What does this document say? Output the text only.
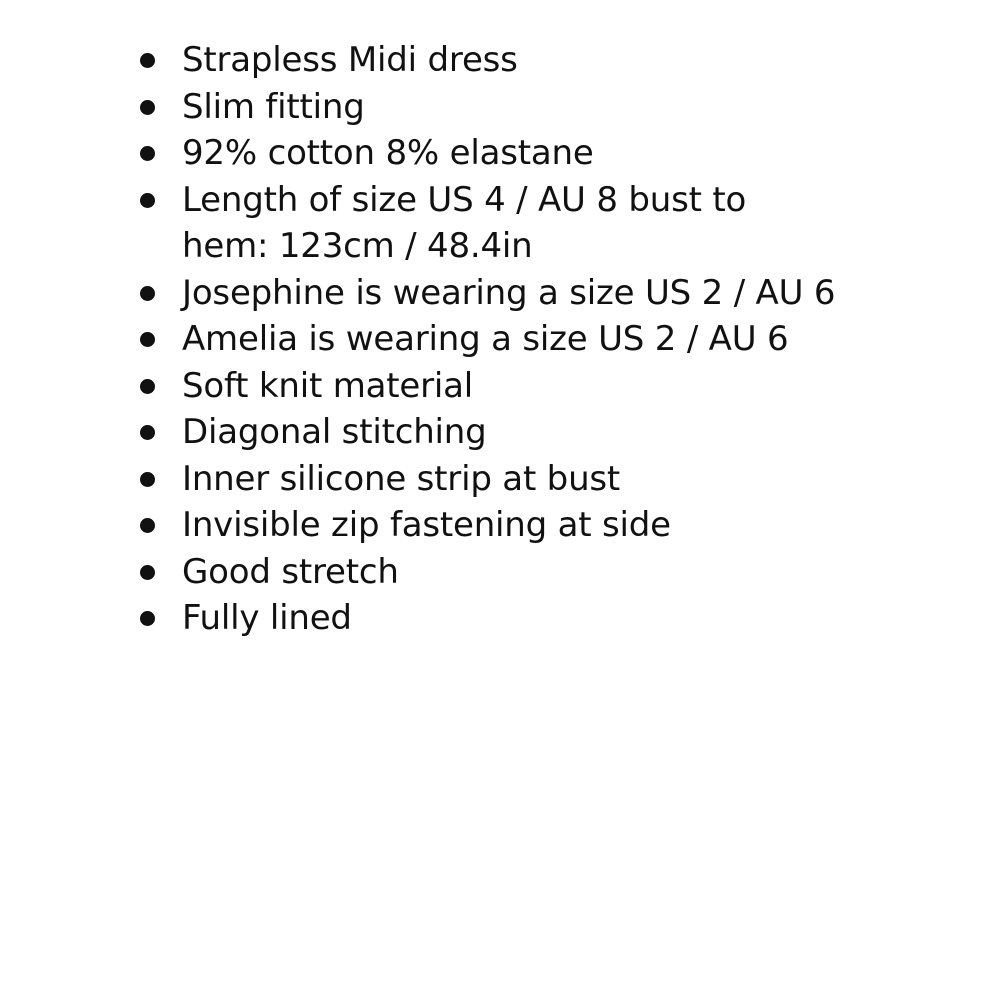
Strapless Midi dress
Slim fitting
92% cotton 8% elastane
Length of size US 4 / AU 8 bust to hem: 123cm / 48.4in
Josephine is wearing a size US 2 / AU 6
Amelia is wearing a size US 2 / AU 6
Soft knit material
Diagonal stitching
Inner silicone strip at bust
Invisible zip fastening at side
Good stretch
Fully lined
